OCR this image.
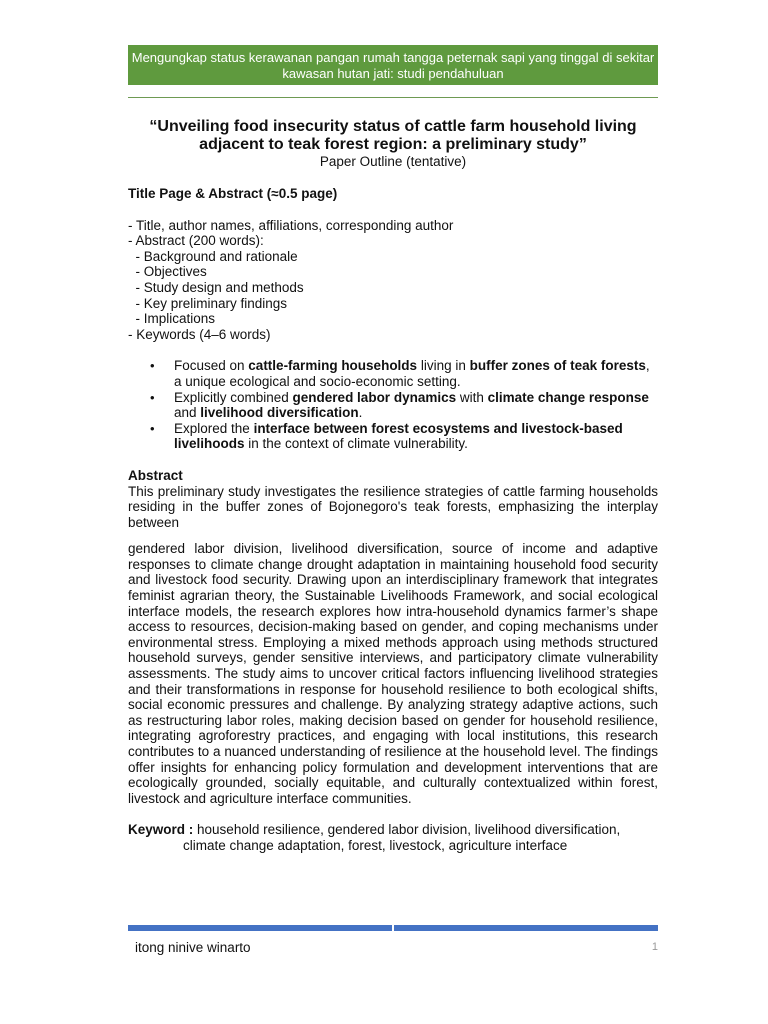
Mengungkap status kerawanan pangan rumah tangga peternak sapi yang tinggal di sekitar kawasan hutan jati: studi pendahuluan

“Unveiling food insecurity status of cattle farm household living adjacent to teak forest region: a preliminary study”

Paper Outline (tentative)

Title Page & Abstract (≈0.5 page)

- Title, author names, affiliations, corresponding author

- Abstract (200 words):

- Background and rationale

- Objectives

- Study design and methods

- Key preliminary findings

- Implications

- Keywords (4–6 words)

• Focused on cattle-farming households living in buffer zones of teak forests, a unique ecological and socio-economic setting.
• Explicitly combined gendered labor dynamics with climate change response and livelihood diversification.
• Explored the interface between forest ecosystems and livestock-based livelihoods in the context of climate vulnerability.

Abstract

This preliminary study investigates the resilience strategies of cattle farming households residing in the buffer zones of Bojonegoro's teak forests, emphasizing the interplay between
gendered labor division, livelihood diversification, source of income and adaptive responses to climate change drought adaptation in maintaining household food security and livestock food security. Drawing upon an interdisciplinary framework that integrates feminist agrarian theory, the Sustainable Livelihoods Framework, and social ecological interface models, the research explores how intra-household dynamics farmer’s shape access to resources, decision-making based on gender, and coping mechanisms under environmental stress. Employing a mixed methods approach using methods structured household surveys, gender sensitive interviews, and participatory climate vulnerability assessments. The study aims to uncover critical factors influencing livelihood strategies and their transformations in response for household resilience to both ecological shifts, social economic pressures and challenge. By analyzing strategy adaptive actions, such as restructuring labor roles, making decision based on gender for household resilience, integrating agroforestry practices, and engaging with local institutions, this research contributes to a nuanced understanding of resilience at the household level. The findings offer insights for enhancing policy formulation and development interventions that are ecologically grounded, socially equitable, and culturally contextualized within forest, livestock and agriculture interface communities.

Keyword : household resilience, gendered labor division, livelihood diversification, climate change adaptation, forest, livestock, agriculture interface

itong ninive winarto	1
